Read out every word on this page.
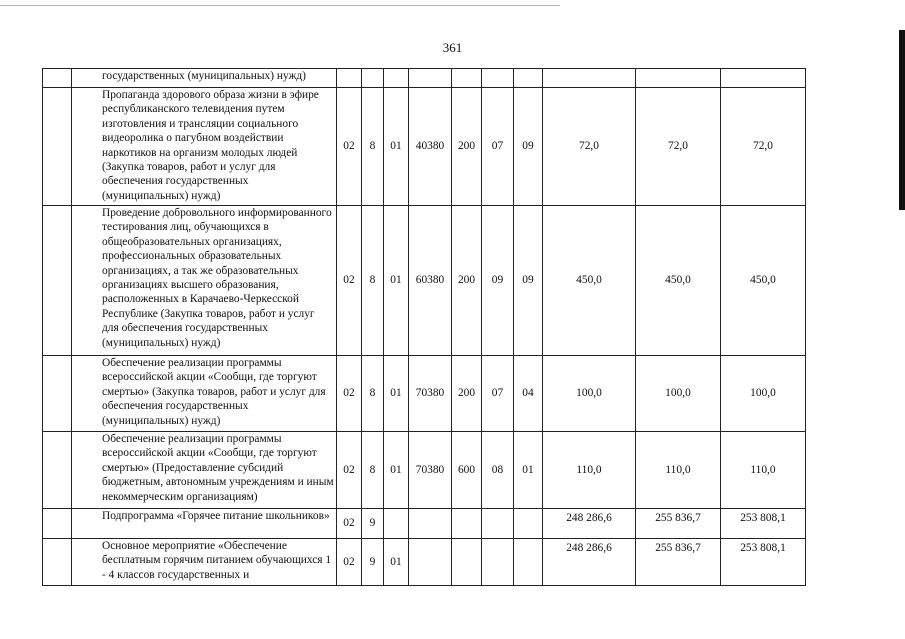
361
	государственных (муниципальных) нужд)										
	Пропаганда здорового образа жизни в эфире республиканского телевидения путем изготовления и трансляции социального видеоролика о пагубном воздействии наркотиков на организм молодых людей (Закупка товаров, работ и услуг для обеспечения государственных (муниципальных) нужд)	02	8	01	40380	200	07	09	72,0	72,0	72,0
	Проведение добровольного информированного тестирования лиц, обучающихся в общеобразовательных организациях, профессиональных образовательных организациях, а так же образовательных организациях высшего образования, расположенных в Карачаево-Черкесской Республике (Закупка товаров, работ и услуг для обеспечения государственных (муниципальных) нужд)	02	8	01	60380	200	09	09	450,0	450,0	450,0
	Обеспечение реализации программы всероссийской акции «Сообщи, где торгуют смертью» (Закупка товаров, работ и услуг для обеспечения государственных (муниципальных) нужд)	02	8	01	70380	200	07	04	100,0	100,0	100,0
	Обеспечение реализации программы всероссийской акции «Сообщи, где торгуют смертью» (Предоставление субсидий бюджетным, автономным учреждениям и иным некоммерческим организациям)	02	8	01	70380	600	08	01	110,0	110,0	110,0
	Подпрограмма «Горячее питание школьников»	02	9						248 286,6	255 836,7	253 808,1
	Основное мероприятие «Обеспечение бесплатным горячим питанием обучающихся 1 - 4 классов государственных и	02	9	01					248 286,6	255 836,7	253 808,1
